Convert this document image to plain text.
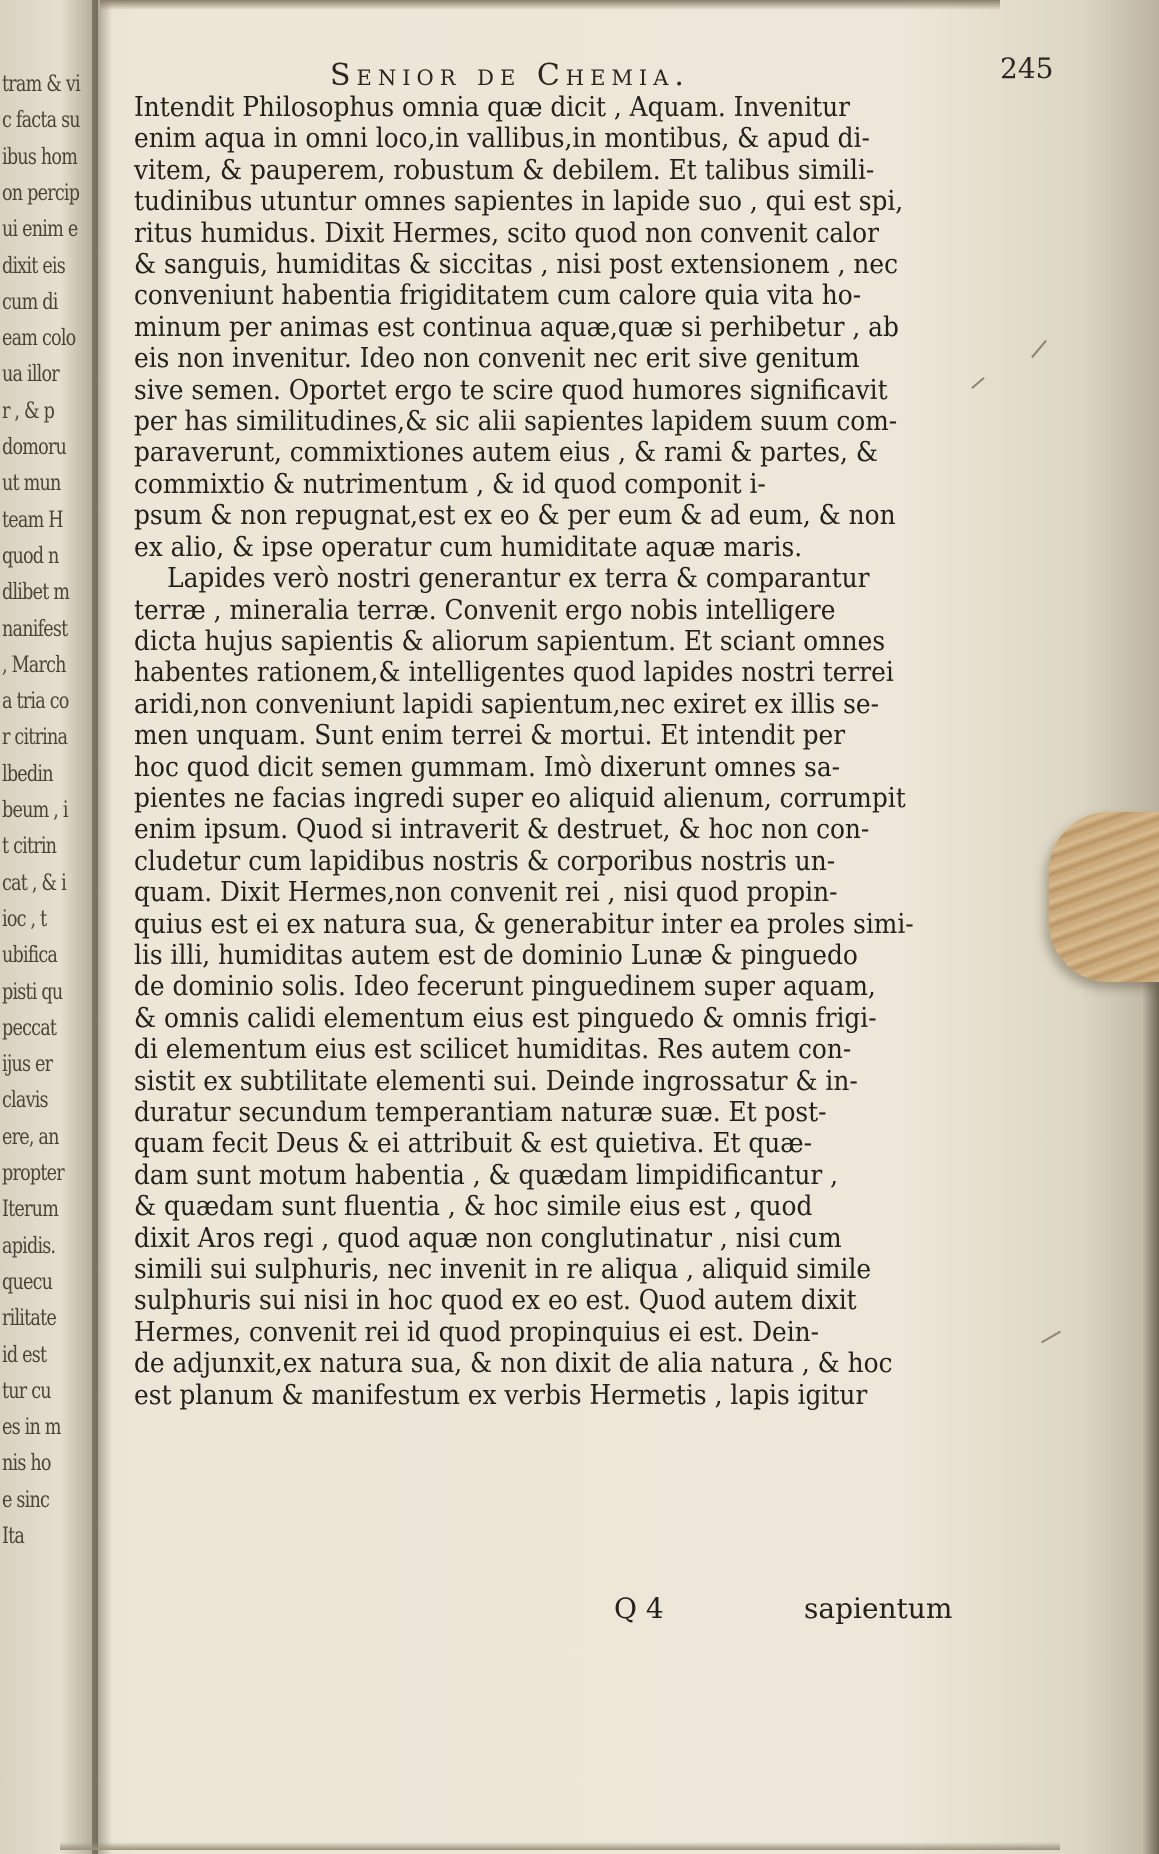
tram & vi
c facta su
ibus hom
on percip
ui enim e
dixit eis
cum di
eam colo
ua illor
r , & p
domoru
ut mun
team H
quod n
dlibet m
nanifest
, March
a tria co
r citrina
lbedin
beum , i
t citrin
cat , & i
ioc , t
ubifica
pisti qu
peccat
ijus er
clavis
ere, an
propter
Iterum
apidis.
quecu
rilitate
id est
tur cu
es in m
nis ho
e sinc
Ita
Senior de Chemia.	245
Intendit Philosophus omnia quæ dicit , Aquam. Invenitur
enim aqua in omni loco,in vallibus,in montibus, & apud di-
vitem, & pauperem, robustum & debilem. Et talibus simili-
tudinibus utuntur omnes sapientes in lapide suo , qui est spi,
ritus humidus. Dixit Hermes, scito quod non convenit calor
& sanguis, humiditas & siccitas , nisi post extensionem , nec
conveniunt habentia frigiditatem cum calore quia vita ho-
minum per animas est continua aquæ,quæ si perhibetur , ab
eis non invenitur. Ideo non convenit nec erit sive genitum
sive semen. Oportet ergo te scire quod humores significavit
per has similitudines,& sic alii sapientes lapidem suum com-
paraverunt, commixtiones autem eius , & rami & partes, &
commixtio & nutrimentum , & id quod componit i-
psum & non repugnat,est ex eo & per eum & ad eum, & non
ex alio, & ipse operatur cum humiditate aquæ maris.
Lapides verò nostri generantur ex terra & comparantur
terræ , mineralia terræ. Convenit ergo nobis intelligere
dicta hujus sapientis & aliorum sapientum. Et sciant omnes
habentes rationem,& intelligentes quod lapides nostri terrei
aridi,non conveniunt lapidi sapientum,nec exiret ex illis se-
men unquam. Sunt enim terrei & mortui. Et intendit per
hoc quod dicit semen gummam. Imò dixerunt omnes sa-
pientes ne facias ingredi super eo aliquid alienum, corrumpit
enim ipsum. Quod si intraverit & destruet, & hoc non con-
cludetur cum lapidibus nostris & corporibus nostris un-
quam. Dixit Hermes,non convenit rei , nisi quod propin-
quius est ei ex natura sua, & generabitur inter ea proles simi-
lis illi, humiditas autem est de dominio Lunæ & pinguedo
de dominio solis. Ideo fecerunt pinguedinem super aquam,
& omnis calidi elementum eius est pinguedo & omnis frigi-
di elementum eius est scilicet humiditas. Res autem con-
sistit ex subtilitate elementi sui. Deinde ingrossatur & in-
duratur secundum temperantiam naturæ suæ. Et post-
quam fecit Deus & ei attribuit & est quietiva. Et quæ-
dam sunt motum habentia , & quædam limpidificantur ,
& quædam sunt fluentia , & hoc simile eius est , quod
dixit Aros regi , quod aquæ non conglutinatur , nisi cum
simili sui sulphuris, nec invenit in re aliqua , aliquid simile
sulphuris sui nisi in hoc quod ex eo est. Quod autem dixit
Hermes, convenit rei id quod propinquius ei est. Dein-
de adjunxit,ex natura sua, & non dixit de alia natura , & hoc
est planum & manifestum ex verbis Hermetis , lapis igitur
Q 4	sapientum
